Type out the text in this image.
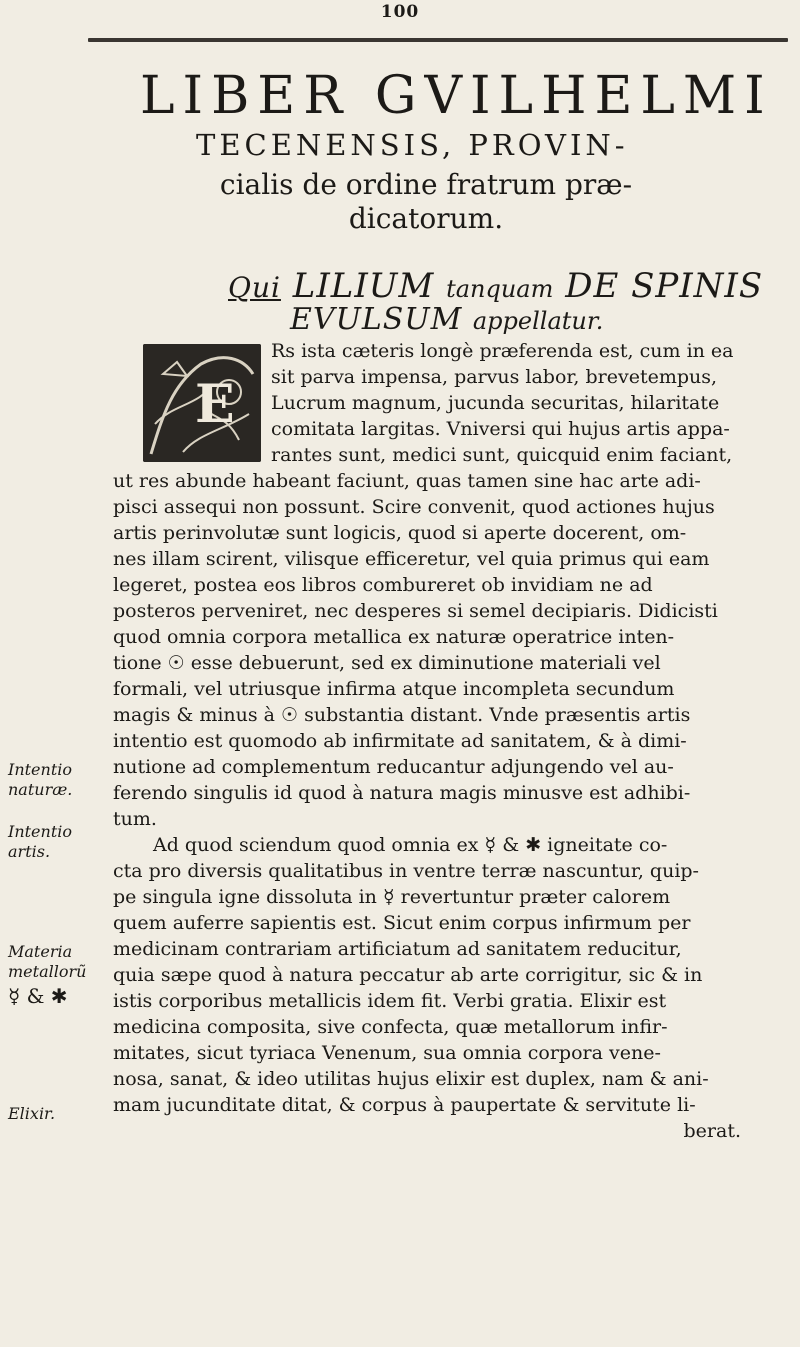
100
LIBER GVILHELMI
TECENENSIS, PROVIN-
cialis de ordine fratrum præ-
dicatorum.
Qui LILIUM tanquam DE SPINIS
EVULSUM appellatur.
E
Rs ista cæteris longè præferenda est, cum in ea
sit parva impensa, parvus labor, brevetempus,
Lucrum magnum, jucunda securitas, hilaritate
comitata largitas. Vniversi qui hujus artis appa-
rantes sunt, medici sunt, quicquid enim faciant,
ut res abunde habeant faciunt, quas tamen sine hac arte adi-
pisci assequi non possunt. Scire convenit, quod actiones hujus
artis perinvolutæ sunt logicis, quod si aperte docerent, om-
nes illam scirent, vilisque efficeretur, vel quia primus qui eam
legeret, postea eos libros combureret ob invidiam ne ad
posteros perveniret, nec desperes si semel decipiaris. Didicisti
quod omnia corpora metallica ex naturæ operatrice inten-
tione ☉ esse debuerunt, sed ex diminutione materiali vel
formali, vel utriusque infirma atque incompleta secundum
magis & minus à ☉ substantia distant. Vnde præsentis artis
intentio est quomodo ab infirmitate ad sanitatem, & à dimi-
nutione ad complementum reducantur adjungendo vel au-
ferendo singulis id quod à natura magis minusve est adhibi-
tum.
Ad quod sciendum quod omnia ex ☿ & ✱ igneitate co-
cta pro diversis qualitatibus in ventre terræ nascuntur, quip-
pe singula igne dissoluta in ☿ revertuntur præter calorem
quem auferre sapientis est. Sicut enim corpus infirmum per
medicinam contrariam artificiatum ad sanitatem reducitur,
quia sæpe quod à natura peccatur ab arte corrigitur, sic & in
istis corporibus metallicis idem fit. Verbi gratia. Elixir est
medicina composita, sive confecta, quæ metallorum infir-
mitates, sicut tyriaca Venenum, sua omnia corpora vene-
nosa, sanat, & ideo utilitas hujus elixir est duplex, nam & ani-
mam jucunditate ditat, & corpus à paupertate & servitute li-
berat.
Intentio naturæ.
Intentio artis.
Materia metallorũ
☿ & ✱
Elixir.
